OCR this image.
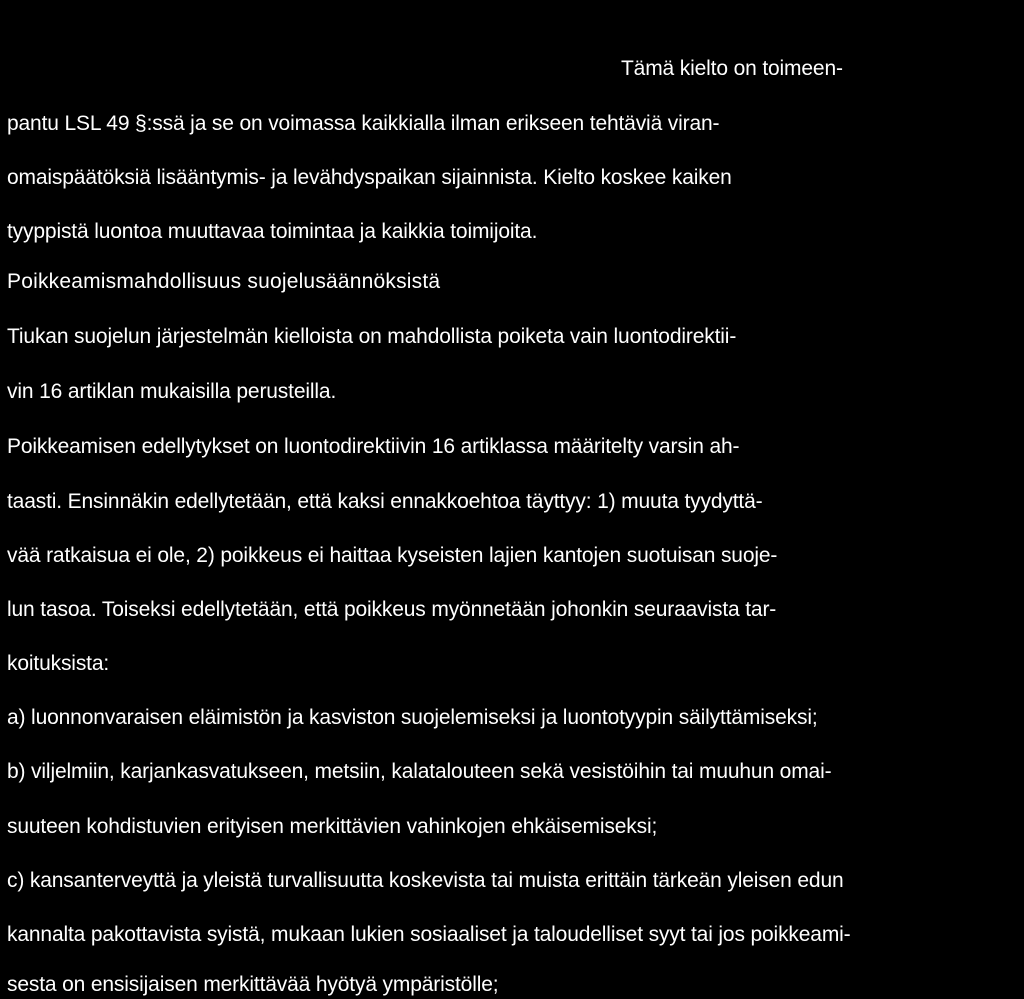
Tämä kielto on toimeen-
pantu LSL 49 §:ssä ja se on voimassa kaikkialla ilman erikseen tehtäviä viran-
omaispäätöksiä lisääntymis- ja levähdyspaikan sijainnista. Kielto koskee kaiken
tyyppistä luontoa muuttavaa toimintaa ja kaikkia toimijoita.
Poikkeamismahdollisuus suojelusäännöksistä
Tiukan suojelun järjestelmän kielloista on mahdollista poiketa vain luontodirektii-
vin 16 artiklan mukaisilla perusteilla.
Poikkeamisen edellytykset on luontodirektiivin 16 artiklassa määritelty varsin ah-
taasti. Ensinnäkin edellytetään, että kaksi ennakkoehtoa täyttyy: 1) muuta tyydyttä-
vää ratkaisua ei ole, 2) poikkeus ei haittaa kyseisten lajien kantojen suotuisan suoje-
lun tasoa. Toiseksi edellytetään, että poikkeus myönnetään johonkin seuraavista tar-
koituksista:
a) luonnonvaraisen eläimistön ja kasviston suojelemiseksi ja luontotyypin säilyttämiseksi;
b) viljelmiin, karjankasvatukseen, metsiin, kalatalouteen sekä vesistöihin tai muuhun omai-
suuteen kohdistuvien erityisen merkittävien vahinkojen ehkäisemiseksi;
c) kansanterveyttä ja yleistä turvallisuutta koskevista tai muista erittäin tärkeän yleisen edun
kannalta pakottavista syistä, mukaan lukien sosiaaliset ja taloudelliset syyt tai jos poikkeami-
sesta on ensisijaisen merkittävää hyötyä ympäristölle;
